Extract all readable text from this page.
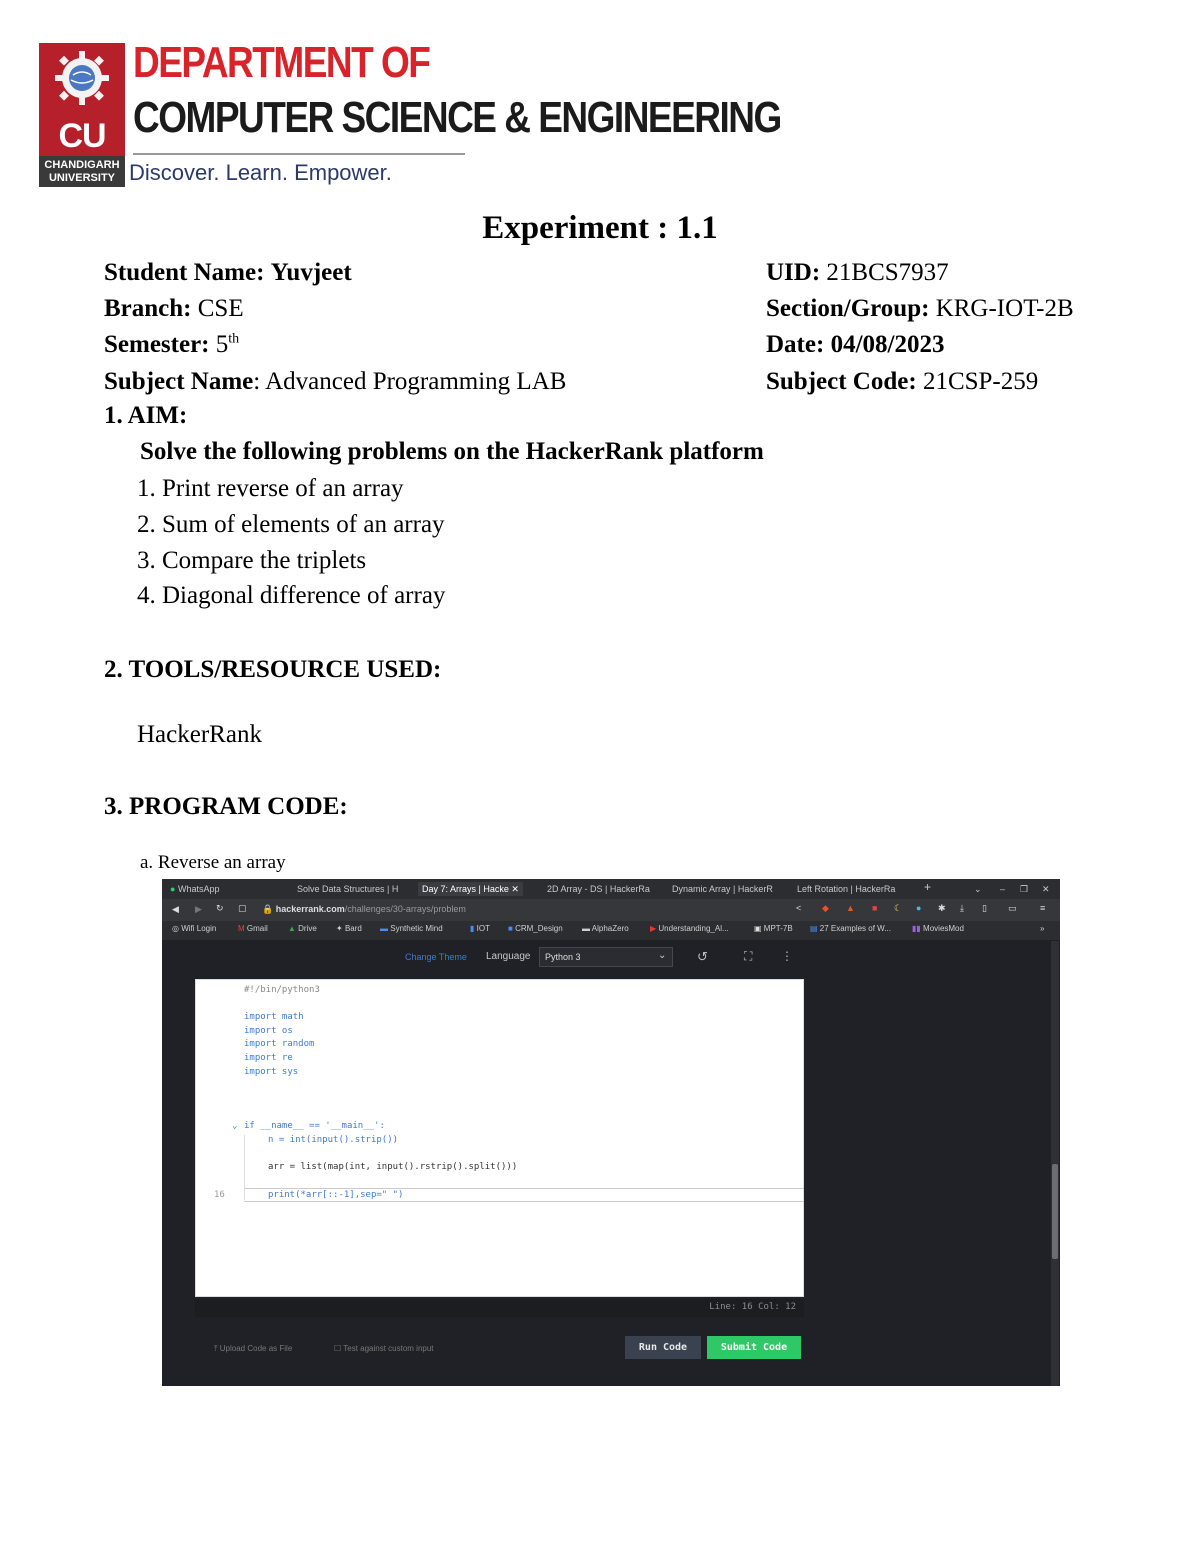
CU
CHANDIGARH UNIVERSITY
DEPARTMENT OF
COMPUTER SCIENCE & ENGINEERING
Discover. Learn. Empower.
Experiment : 1.1
Student Name: Yuvjeet	UID: 21BCS7937
Branch: CSE	Section/Group: KRG-IOT-2B
Semester: 5th	Date: 04/08/2023
Subject Name: Advanced Programming LAB	Subject Code: 21CSP-259
1. AIM:
Solve the following problems on the HackerRank platform
1. Print reverse of an array
2. Sum of elements of an array
3. Compare the triplets
4. Diagonal difference of array
2. TOOLS/RESOURCE USED:
HackerRank
3. PROGRAM CODE:
a. Reverse an array
● WhatsApp	Solve Data Structures | H	Day 7: Arrays | Hacke ✕	2D Array - DS | HackerRa Dynamic Array | HackerR	Left Rotation | HackerRa +	⌄ – ❐ ✕
◀ ▶ ↻ ▢ 🔒 hackerrank.com/challenges/30-arrays/problem	< ◆ ▲ ■ ☾ ● ✱ ⤓ ▯ ▭	≡
◎ Wifi Login	M Gmail	▲ Drive ✦ Bard ▬ Synthetic Mind	▮ IOT ■ CRM_Design ▬ AlphaZero	▶ Understanding_Al...	▣ MPT-7B ▤ 27 Examples of W...	▮▮ MoviesMod	»
Change Theme Language Python 3	⌄ ↺	⛶ ⋮
#!/bin/python3
import math
import os
import random
import re
import sys
⌄ if __name__ == '__main__':
n = int(input().strip())
arr = list(map(int, input().rstrip().split()))
16	print(*arr[::-1],sep=" ")
Line: 16 Col: 12
⤒ Upload Code as File	☐ Test against custom input	Run Code	Submit Code
